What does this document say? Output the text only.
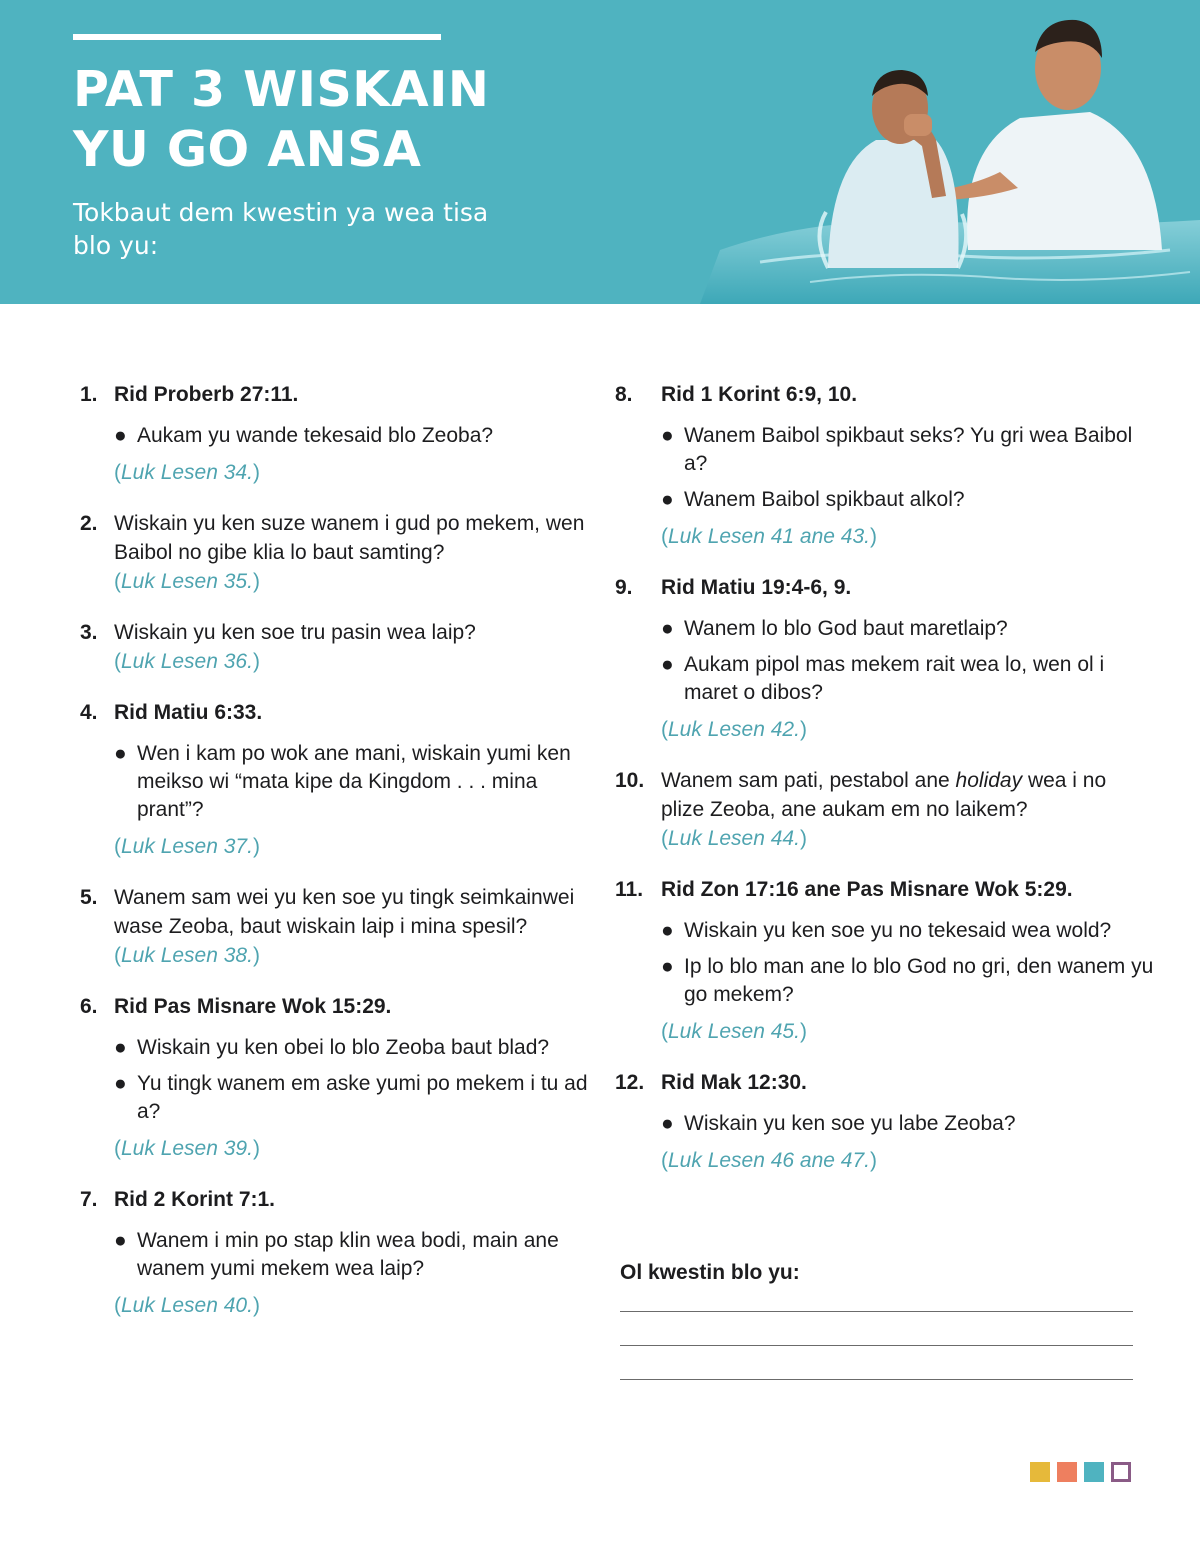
PAT 3 WISKAIN
YU GO ANSA

Tokbaut dem kwestin ya wea tisa blo yu:

1. Rid Proberb 27:11.

● Aukam yu wande tekesaid blo Zeoba?

(Luk Lesen 34.)

2. Wiskain yu ken suze wanem i gud po mekem, wen Baibol no gibe klia lo baut samting?

(Luk Lesen 35.)

3. Wiskain yu ken soe tru pasin wea laip?

(Luk Lesen 36.)

4. Rid Matiu 6:33.

● Wen i kam po wok ane mani, wiskain yumi ken meikso wi “mata kipe da Kingdom . . . mina prant”?

(Luk Lesen 37.)

5. Wanem sam wei yu ken soe yu tingk seimkainwei wase Zeoba, baut wiskain laip i mina spesil?

(Luk Lesen 38.)

6. Rid Pas Misnare Wok 15:29.

● Wiskain yu ken obei lo blo Zeoba baut blad?
● Yu tingk wanem em aske yumi po mekem i tu ad a?

(Luk Lesen 39.)

7. Rid 2 Korint 7:1.

● Wanem i min po stap klin wea bodi, main ane wanem yumi mekem wea laip?

(Luk Lesen 40.)

8.	Rid 1 Korint 6:9, 10.

● Wanem Baibol spikbaut seks? Yu gri wea Baibol a?
● Wanem Baibol spikbaut alkol?

(Luk Lesen 41 ane 43.)

9.	Rid Matiu 19:4-6, 9.

● Wanem lo blo God baut maretlaip?
● Aukam pipol mas mekem rait wea lo, wen ol i maret o dibos?

(Luk Lesen 42.)

10. Wanem sam pati, pestabol ane holiday wea i no plize Zeoba, ane aukam em no laikem?

(Luk Lesen 44.)

11. Rid Zon 17:16 ane Pas Misnare Wok 5:29.

● Wiskain yu ken soe yu no tekesaid wea wold?
● Ip lo blo man ane lo blo God no gri, den wanem yu go mekem?

(Luk Lesen 45.)

12. Rid Mak 12:30.

● Wiskain yu ken soe yu labe Zeoba?

(Luk Lesen 46 ane 47.)

Ol kwestin blo yu:
